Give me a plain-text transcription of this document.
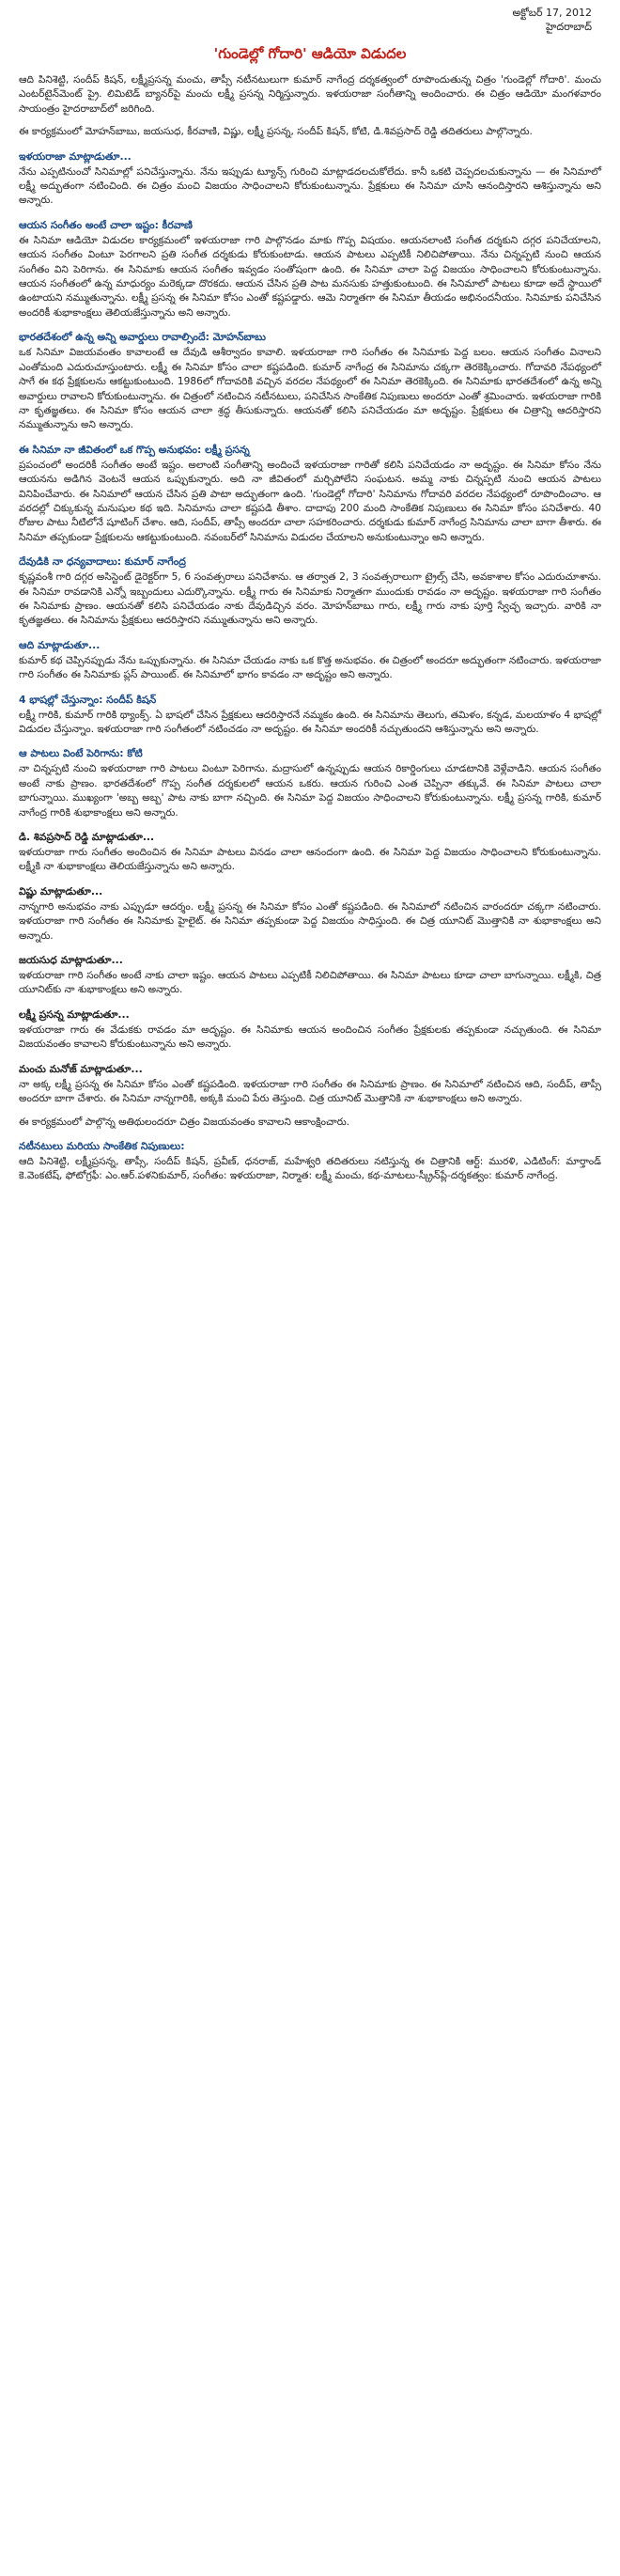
అక్టోబర్ 17, 2012
హైదరాబాద్
'గుండెల్లో గోదారి' ఆడియో విడుదల

ఆది పినిశెట్టి, సందీప్ కిషన్, లక్ష్మీప్రసన్న మంచు, తాప్సీ నటీనటులుగా కుమార్ నాగేంద్ర దర్శకత్వంలో రూపొందుతున్న చిత్రం 'గుండెల్లో గోదారి'. మంచు ఎంటర్‌టైన్‌మెంట్ ప్రై. లిమిటెడ్ బ్యానర్‌పై మంచు లక్ష్మీ ప్రసన్న నిర్మిస్తున్నారు. ఇళయరాజా సంగీతాన్ని అందించారు. ఈ చిత్రం ఆడియో మంగళవారం సాయంత్రం హైదరాబాద్‌లో జరిగింది.

ఈ కార్యక్రమంలో మోహన్‌బాబు, జయసుధ, కీరవాణి, విష్ణు, లక్ష్మీ ప్రసన్న, సందీప్ కిషన్, కోటి, డి.శివప్రసాద్ రెడ్డి తదితరులు పాల్గొన్నారు.

ఇళయరాజా మాట్లాడుతూ...

నేను ఎప్పటినుంచో సినిమాల్లో పనిచేస్తున్నాను. నేను ఇప్పుడు ట్యూన్స్ గురించి మాట్లాడదలచుకోలేదు. కానీ ఒకటి చెప్పదలచుకున్నాను — ఈ సినిమాలో లక్ష్మీ అద్భుతంగా నటించింది. ఈ చిత్రం మంచి విజయం సాధించాలని కోరుకుంటున్నాను. ప్రేక్షకులు ఈ సినిమా చూసి ఆనందిస్తారని ఆశిస్తున్నాను అని అన్నారు.

ఆయన సంగీతం అంటే చాలా ఇష్టం: కీరవాణి

ఈ సినిమా ఆడియో విడుదల కార్యక్రమంలో ఇళయరాజా గారి పాల్గొనడం మాకు గొప్ప విషయం. ఆయనలాంటి సంగీత దర్శకుని దగ్గర పనిచేయాలని, ఆయన సంగీతం వింటూ పెరగాలని ప్రతి సంగీత దర్శకుడు కోరుకుంటాడు. ఆయన పాటలు ఎప్పటికీ నిలిచిపోతాయి. నేను చిన్నప్పటి నుంచి ఆయన సంగీతం విని పెరిగాను. ఈ సినిమాకు ఆయన సంగీతం ఇవ్వడం సంతోషంగా ఉంది. ఈ సినిమా చాలా పెద్ద విజయం సాధించాలని కోరుకుంటున్నాను. ఆయన సంగీతంలో ఉన్న మాధుర్యం మరెక్కడా దొరకదు. ఆయన చేసిన ప్రతి పాట మనసుకు హత్తుకుంటుంది. ఈ సినిమాలో పాటలు కూడా అదే స్థాయిలో ఉంటాయని నమ్ముతున్నాను. లక్ష్మీ ప్రసన్న ఈ సినిమా కోసం ఎంతో కష్టపడ్డారు. ఆమె నిర్మాతగా ఈ సినిమా తీయడం అభినందనీయం. సినిమాకు పనిచేసిన అందరికీ శుభాకాంక్షలు తెలియజేస్తున్నాను అని అన్నారు.

భారతదేశంలో ఉన్న అన్ని అవార్డులు రావాల్సిందే: మోహన్‌బాబు

ఒక సినిమా విజయవంతం కావాలంటే ఆ దేవుడి ఆశీర్వాదం కావాలి. ఇళయరాజా గారి సంగీతం ఈ సినిమాకు పెద్ద బలం. ఆయన సంగీతం వినాలని ఎంతోమంది ఎదురుచూస్తుంటారు. లక్ష్మీ ఈ సినిమా కోసం చాలా కష్టపడింది. కుమార్ నాగేంద్ర ఈ సినిమాను చక్కగా తెరకెక్కించారు. గోదావరి నేపథ్యంలో సాగే ఈ కథ ప్రేక్షకులను ఆకట్టుకుంటుంది. 1986లో గోదావరికి వచ్చిన వరదల నేపథ్యంలో ఈ సినిమా తెరకెక్కింది. ఈ సినిమాకు భారతదేశంలో ఉన్న అన్ని అవార్డులు రావాలని కోరుకుంటున్నాను. ఈ చిత్రంలో నటించిన నటీనటులు, పనిచేసిన సాంకేతిక నిపుణులు అందరూ ఎంతో శ్రమించారు. ఇళయరాజా గారికి నా కృతజ్ఞతలు. ఈ సినిమా కోసం ఆయన చాలా శ్రద్ధ తీసుకున్నారు. ఆయనతో కలిసి పనిచేయడం మా అదృష్టం. ప్రేక్షకులు ఈ చిత్రాన్ని ఆదరిస్తారని నమ్ముతున్నాను అని అన్నారు.

ఈ సినిమా నా జీవితంలో ఒక గొప్ప అనుభవం: లక్ష్మీ ప్రసన్న

ప్రపంచంలో అందరికీ సంగీతం అంటే ఇష్టం. అలాంటి సంగీతాన్ని అందించే ఇళయరాజా గారితో కలిసి పనిచేయడం నా అదృష్టం. ఈ సినిమా కోసం నేను ఆయనను అడిగిన వెంటనే ఆయన ఒప్పుకున్నారు. అది నా జీవితంలో మర్చిపోలేని సంఘటన. అమ్మ నాకు చిన్నప్పటి నుంచి ఆయన పాటలు వినిపించేవారు. ఈ సినిమాలో ఆయన చేసిన ప్రతి పాటా అద్భుతంగా ఉంది. 'గుండెల్లో గోదారి' సినిమాను గోదావరి వరదల నేపథ్యంలో రూపొందించాం. ఆ వరదల్లో చిక్కుకున్న మనుషుల కథ ఇది. సినిమాను చాలా కష్టపడి తీశాం. దాదాపు 200 మంది సాంకేతిక నిపుణులు ఈ సినిమా కోసం పనిచేశారు. 40 రోజుల పాటు నీటిలోనే షూటింగ్ చేశాం. ఆది, సందీప్, తాప్సీ అందరూ చాలా సహకరించారు. దర్శకుడు కుమార్ నాగేంద్ర సినిమాను చాలా బాగా తీశారు. ఈ సినిమా తప్పకుండా ప్రేక్షకులను ఆకట్టుకుంటుంది. నవంబర్‌లో సినిమాను విడుదల చేయాలని అనుకుంటున్నాం అని అన్నారు.

దేవుడికి నా ధన్యవాదాలు: కుమార్ నాగేంద్ర

కృష్ణవంశీ గారి దగ్గర అసిస్టెంట్ డైరెక్టర్‌గా 5, 6 సంవత్సరాలు పనిచేశాను. ఆ తర్వాత 2, 3 సంవత్సరాలుగా ట్రైల్స్ చేసి, అవకాశాల కోసం ఎదురుచూశాను. ఈ సినిమా రావడానికి ఎన్నో ఇబ్బందులు ఎదుర్కొన్నాను. లక్ష్మీ గారు ఈ సినిమాకు నిర్మాతగా ముందుకు రావడం నా అదృష్టం. ఇళయరాజా గారి సంగీతం ఈ సినిమాకు ప్రాణం. ఆయనతో కలిసి పనిచేయడం నాకు దేవుడిచ్చిన వరం. మోహన్‌బాబు గారు, లక్ష్మీ గారు నాకు పూర్తి స్వేచ్ఛ ఇచ్చారు. వారికి నా కృతజ్ఞతలు. ఈ సినిమాను ప్రేక్షకులు ఆదరిస్తారని నమ్ముతున్నాను అని అన్నారు.

ఆది మాట్లాడుతూ...

కుమార్ కథ చెప్పినప్పుడు నేను ఒప్పుకున్నాను. ఈ సినిమా చేయడం నాకు ఒక కొత్త అనుభవం. ఈ చిత్రంలో అందరూ అద్భుతంగా నటించారు. ఇళయరాజా గారి సంగీతం ఈ సినిమాకు ప్లస్ పాయింట్. ఈ సినిమాలో భాగం కావడం నా అదృష్టం అని అన్నారు.

4 భాషల్లో చేస్తున్నాం: సందీప్ కిషన్

లక్ష్మీ గారికి, కుమార్ గారికి థ్యాంక్స్. ఏ భాషలో చేసిన ప్రేక్షకులు ఆదరిస్తారనే నమ్మకం ఉంది. ఈ సినిమాను తెలుగు, తమిళం, కన్నడ, మలయాళం 4 భాషల్లో విడుదల చేస్తున్నాం. ఇళయరాజా గారి సంగీతంలో నటించడం నా అదృష్టం. ఈ సినిమా అందరికీ నచ్చుతుందని ఆశిస్తున్నాను అని అన్నారు.

ఆ పాటలు వింటే పెరిగాను: కోటి

నా చిన్నప్పటి నుంచి ఇళయరాజా గారి పాటలు వింటూ పెరిగాను. మద్రాసులో ఉన్నప్పుడు ఆయన రికార్డింగులు చూడటానికి వెళ్లేవాడిని. ఆయన సంగీతం అంటే నాకు ప్రాణం. భారతదేశంలో గొప్ప సంగీత దర్శకులలో ఆయన ఒకరు. ఆయన గురించి ఎంత చెప్పినా తక్కువే. ఈ సినిమా పాటలు చాలా బాగున్నాయి. ముఖ్యంగా 'అబ్బ అబ్బ' పాట నాకు బాగా నచ్చింది. ఈ సినిమా పెద్ద విజయం సాధించాలని కోరుకుంటున్నాను. లక్ష్మీ ప్రసన్న గారికి, కుమార్ నాగేంద్ర గారికి శుభాకాంక్షలు అని అన్నారు.

డి. శివప్రసాద్ రెడ్డి మాట్లాడుతూ...

ఇళయరాజా గారు సంగీతం అందించిన ఈ సినిమా పాటలు వినడం చాలా ఆనందంగా ఉంది. ఈ సినిమా పెద్ద విజయం సాధించాలని కోరుకుంటున్నాను. లక్ష్మీకి నా శుభాకాంక్షలు తెలియజేస్తున్నాను అని అన్నారు.

విష్ణు మాట్లాడుతూ...

నాన్నగారి అనుభవం నాకు ఎప్పుడూ ఆదర్శం. లక్ష్మీ ప్రసన్న ఈ సినిమా కోసం ఎంతో కష్టపడింది. ఈ సినిమాలో నటించిన వారందరూ చక్కగా నటించారు. ఇళయరాజా గారి సంగీతం ఈ సినిమాకు హైలైట్. ఈ సినిమా తప్పకుండా పెద్ద విజయం సాధిస్తుంది. ఈ చిత్ర యూనిట్ మొత్తానికి నా శుభాకాంక్షలు అని అన్నారు.

జయసుధ మాట్లాడుతూ...

ఇళయరాజా గారి సంగీతం అంటే నాకు చాలా ఇష్టం. ఆయన పాటలు ఎప్పటికీ నిలిచిపోతాయి. ఈ సినిమా పాటలు కూడా చాలా బాగున్నాయి. లక్ష్మీకి, చిత్ర యూనిట్‌కు నా శుభాకాంక్షలు అని అన్నారు.

లక్ష్మీ ప్రసన్న మాట్లాడుతూ...

ఇళయరాజా గారు ఈ వేడుకకు రావడం మా అదృష్టం. ఈ సినిమాకు ఆయన అందించిన సంగీతం ప్రేక్షకులకు తప్పకుండా నచ్చుతుంది. ఈ సినిమా విజయవంతం కావాలని కోరుకుంటున్నాను అని అన్నారు.

మంచు మనోజ్ మాట్లాడుతూ...

నా అక్క లక్ష్మీ ప్రసన్న ఈ సినిమా కోసం ఎంతో కష్టపడింది. ఇళయరాజా గారి సంగీతం ఈ సినిమాకు ప్రాణం. ఈ సినిమాలో నటించిన ఆది, సందీప్, తాప్సీ అందరూ బాగా చేశారు. ఈ సినిమా నాన్నగారికి, అక్కకి మంచి పేరు తెస్తుంది. చిత్ర యూనిట్ మొత్తానికి నా శుభాకాంక్షలు అని అన్నారు.

ఈ కార్యక్రమంలో పాల్గొన్న అతిథులందరూ చిత్రం విజయవంతం కావాలని ఆకాంక్షించారు.

నటీనటులు మరియు సాంకేతిక నిపుణులు:

ఆది పినిశెట్టి, లక్ష్మీప్రసన్న, తాప్సీ, సందీప్ కిషన్, ప్రవీణ్, ధనరాజ్, మహేశ్వరి తదితరులు నటిస్తున్న ఈ చిత్రానికి ఆర్ట్: మురళి, ఎడిటింగ్: మార్తాండ్ కె.వెంకటేష్, ఫోటోగ్రఫీ: ఎం.ఆర్.పళనికుమార్, సంగీతం: ఇళయరాజా, నిర్మాత: లక్ష్మీ మంచు, కథ-మాటలు-స్క్రీన్‌ప్లే-దర్శకత్వం: కుమార్ నాగేంద్ర.
